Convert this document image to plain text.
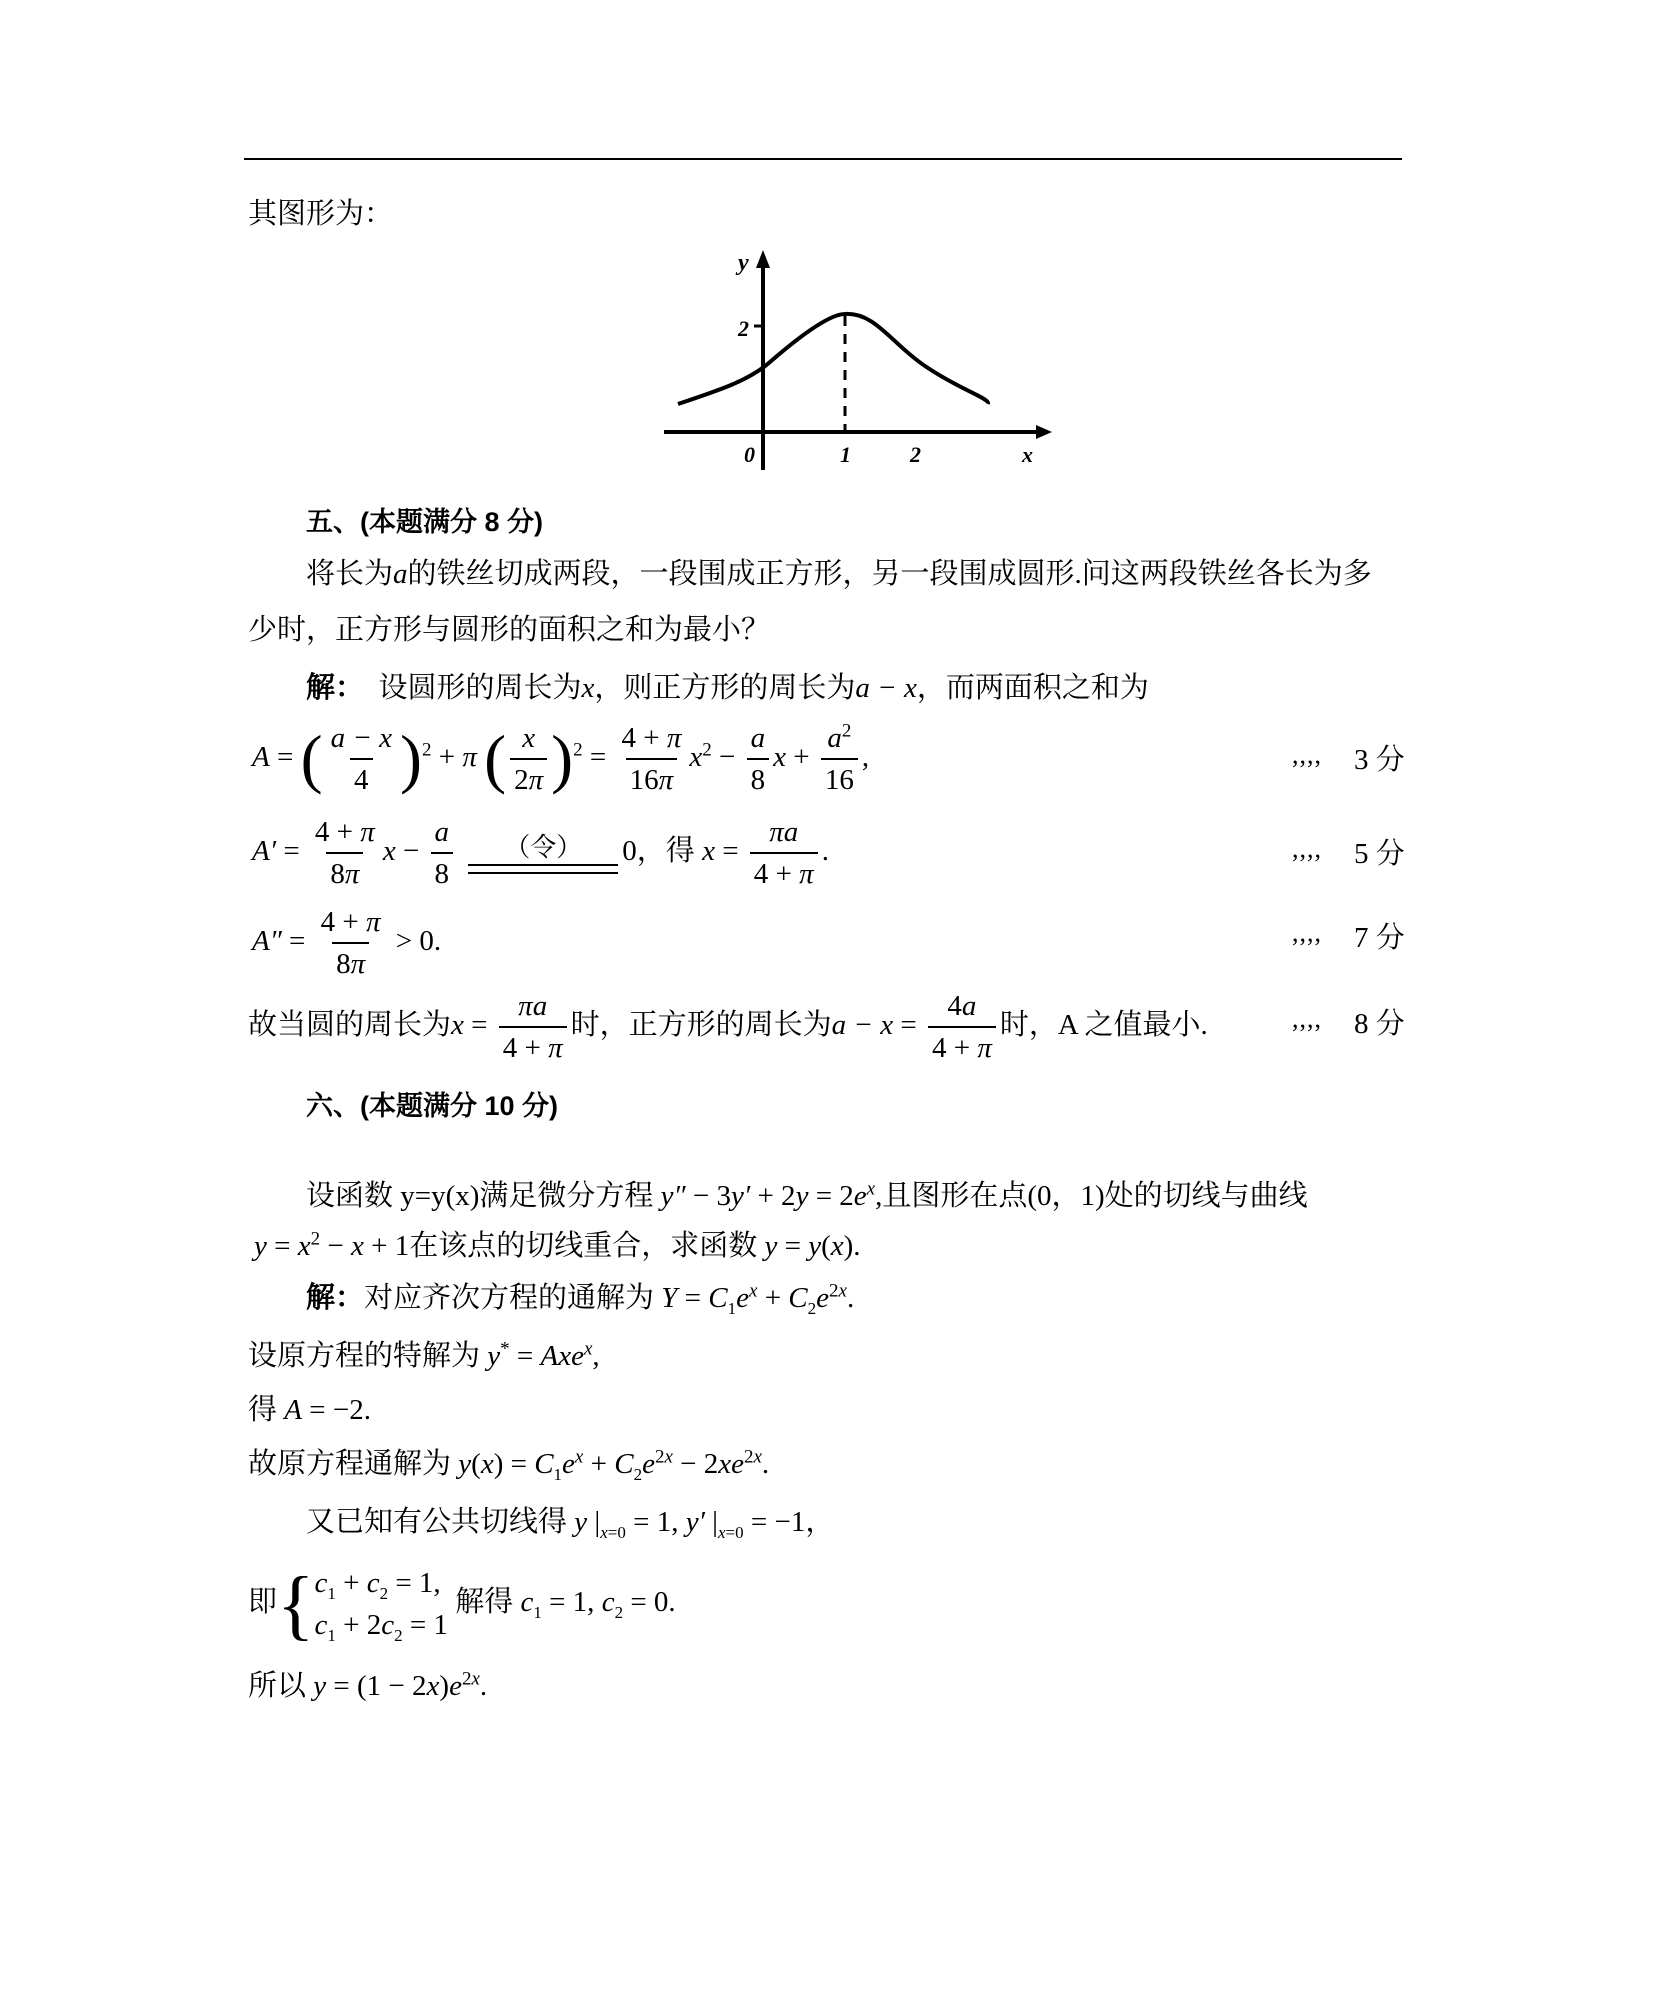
其图形为：
y
2
0	1	2	x
五、(本题满分 8 分)
将长为a的铁丝切成两段，一段围成正方形，另一段围成圆形.问这两段铁丝各长为多
少时，正方形与圆形的面积之和为最小？
解： 设圆形的周长为x，则正方形的周长为a − x，而两面积之和为
A = ( $\frac{a - x}{4} )^2 + \pi$ ( $\frac{x}{2\pi} )^2 = \frac{4 + \pi}{16\pi} x^2 - \frac{a}{8}$ $x + \frac{a^2}{16}$ ,	,,,, 3 分
$A' = \frac{4 + \pi}{8\pi}$ $x - \frac{a}{8}$
（令） 0，得 $x = \frac{\pi a}{4 + \pi}$ .	,,,, 5 分
$A'' = \frac{4 + \pi}{8\pi} > 0$.	,,,, 7 分
故当圆的周长为$x = \frac{\pi a}{4 + \pi}$ 时，正方形的周长为$a - x = \frac{4a}{4 + \pi}$ 时，A 之值最小.	,,,, 8 分
六、(本题满分 10 分)
设函数 y=y(x)满足微分方程 $y'' - 3y' + 2y = 2e^x$,且图形在点(0，1)处的切线与曲线
$y = x^2 - x + 1$在该点的切线重合，求函数 y = y(x).
解：对应齐次方程的通解为 $Y = C_1e^x + C_2e^{2x}$.
设原方程的特解为 y* = Axe$^x$,
得 A = −2.
故原方程通解为 $y(x) = C_1e^x + C_2e^{2x} - 2xe^{2x}$.
又已知有公共切线得 y $|_{x=0} = 1$, y′ $|_{x=0} = -1$，
即{ $c_1 + c_2 = 1$,
$c_1 + 2c_2 = 1$
解得 $c_1 = 1$, $c_2 = 0$.
所以 $y = (1 - 2x)e^{2x}$.
